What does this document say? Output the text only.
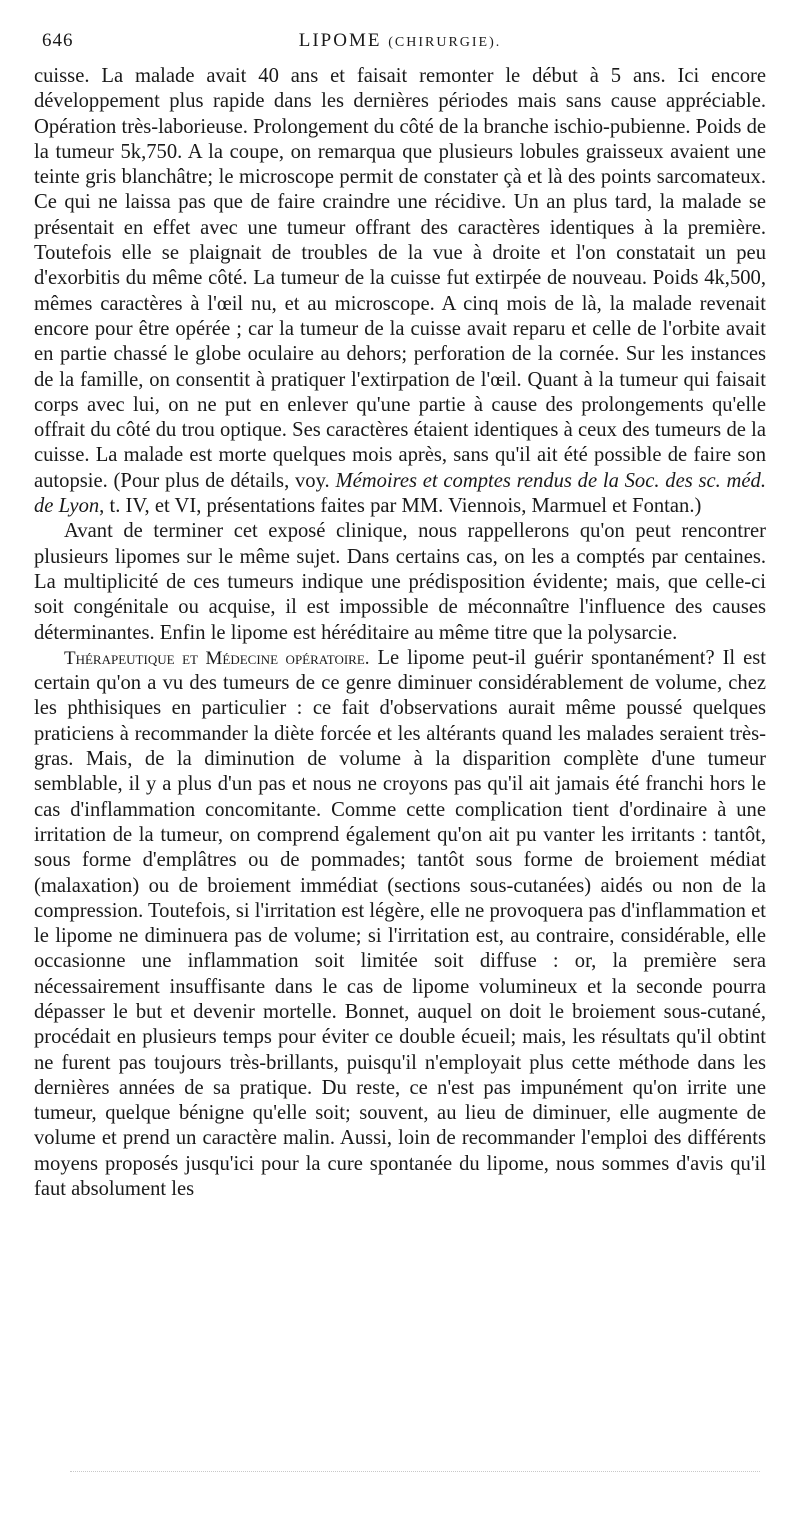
646	LIPOME (CHIRURGIE).

cuisse. La malade avait 40 ans et faisait remonter le début à 5 ans. Ici encore développement plus rapide dans les dernières périodes mais sans cause appréciable. Opération très-laborieuse. Prolongement du côté de la branche ischio-pubienne. Poids de la tumeur 5k,750. A la coupe, on remarqua que plusieurs lobules graisseux avaient une teinte gris blanchâtre; le microscope permit de constater çà et là des points sarcomateux. Ce qui ne laissa pas que de faire craindre une récidive. Un an plus tard, la malade se présentait en effet avec une tumeur offrant des caractères identiques à la première. Toutefois elle se plaignait de troubles de la vue à droite et l'on constatait un peu d'exorbitis du même côté. La tumeur de la cuisse fut extirpée de nouveau. Poids 4k,500, mêmes caractères à l'œil nu, et au microscope. A cinq mois de là, la malade revenait encore pour être opérée ; car la tumeur de la cuisse avait reparu et celle de l'orbite avait en partie chassé le globe oculaire au dehors; perforation de la cornée. Sur les instances de la famille, on consentit à pratiquer l'extirpation de l'œil. Quant à la tumeur qui faisait corps avec lui, on ne put en enlever qu'une partie à cause des prolongements qu'elle offrait du côté du trou optique. Ses caractères étaient identiques à ceux des tumeurs de la cuisse. La malade est morte quelques mois après, sans qu'il ait été possible de faire son autopsie. (Pour plus de détails, voy. Mémoires et comptes rendus de la Soc. des sc. méd. de Lyon, t. IV, et VI, présentations faites par MM. Viennois, Marmuel et Fontan.)

Avant de terminer cet exposé clinique, nous rappellerons qu'on peut rencontrer plusieurs lipomes sur le même sujet. Dans certains cas, on les a comptés par centaines. La multiplicité de ces tumeurs indique une prédisposition évidente; mais, que celle-ci soit congénitale ou acquise, il est impossible de méconnaître l'influence des causes déterminantes. Enfin le lipome est héréditaire au même titre que la polysarcie.

Thérapeutique et Médecine opératoire. Le lipome peut-il guérir spontanément? Il est certain qu'on a vu des tumeurs de ce genre diminuer considérablement de volume, chez les phthisiques en particulier : ce fait d'observations aurait même poussé quelques praticiens à recommander la diète forcée et les altérants quand les malades seraient très-gras. Mais, de la diminution de volume à la disparition complète d'une tumeur semblable, il y a plus d'un pas et nous ne croyons pas qu'il ait jamais été franchi hors le cas d'inflammation concomitante. Comme cette complication tient d'ordinaire à une irritation de la tumeur, on comprend également qu'on ait pu vanter les irritants : tantôt, sous forme d'emplâtres ou de pommades; tantôt sous forme de broiement médiat (malaxation) ou de broiement immédiat (sections sous-cutanées) aidés ou non de la compression. Toutefois, si l'irritation est légère, elle ne provoquera pas d'inflammation et le lipome ne diminuera pas de volume; si l'irritation est, au contraire, considérable, elle occasionne une inflammation soit limitée soit diffuse : or, la première sera nécessairement insuffisante dans le cas de lipome volumineux et la seconde pourra dépasser le but et devenir mortelle. Bonnet, auquel on doit le broiement sous-cutané, procédait en plusieurs temps pour éviter ce double écueil; mais, les résultats qu'il obtint ne furent pas toujours très-brillants, puisqu'il n'employait plus cette méthode dans les dernières années de sa pratique. Du reste, ce n'est pas impunément qu'on irrite une tumeur, quelque bénigne qu'elle soit; souvent, au lieu de diminuer, elle augmente de volume et prend un caractère malin. Aussi, loin de recommander l'emploi des différents moyens proposés jusqu'ici pour la cure spontanée du lipome, nous sommes d'avis qu'il faut absolument les
